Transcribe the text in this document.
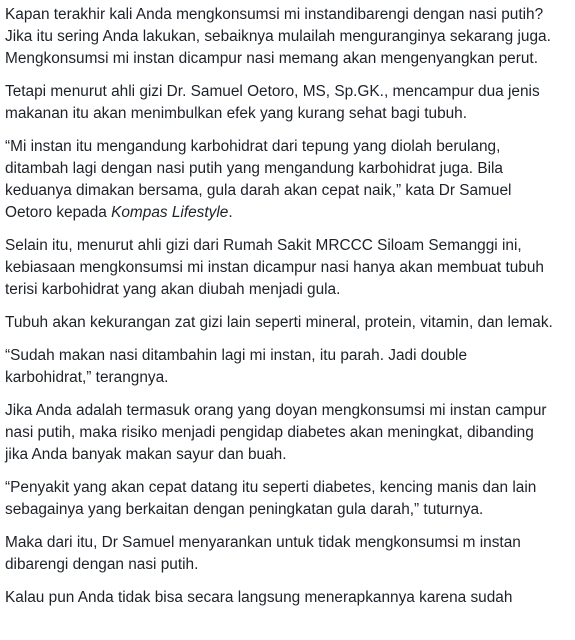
Kapan terakhir kali Anda mengkonsumsi mi instandibarengi dengan nasi putih?
Jika itu sering Anda lakukan, sebaiknya mulailah menguranginya sekarang juga.
Mengkonsumsi mi instan dicampur nasi memang akan mengenyangkan perut.

Tetapi menurut ahli gizi Dr. Samuel Oetoro, MS, Sp.GK., mencampur dua jenis
makanan itu akan menimbulkan efek yang kurang sehat bagi tubuh.

“Mi instan itu mengandung karbohidrat dari tepung yang diolah berulang,
ditambah lagi dengan nasi putih yang mengandung karbohidrat juga. Bila
keduanya dimakan bersama, gula darah akan cepat naik,” kata Dr Samuel
Oetoro kepada Kompas Lifestyle.

Selain itu, menurut ahli gizi dari Rumah Sakit MRCCC Siloam Semanggi ini,
kebiasaan mengkonsumsi mi instan dicampur nasi hanya akan membuat tubuh
terisi karbohidrat yang akan diubah menjadi gula.

Tubuh akan kekurangan zat gizi lain seperti mineral, protein, vitamin, dan lemak.

“Sudah makan nasi ditambahin lagi mi instan, itu parah. Jadi double
karbohidrat,” terangnya.

Jika Anda adalah termasuk orang yang doyan mengkonsumsi mi instan campur
nasi putih, maka risiko menjadi pengidap diabetes akan meningkat, dibanding
jika Anda banyak makan sayur dan buah.

“Penyakit yang akan cepat datang itu seperti diabetes, kencing manis dan lain
sebagainya yang berkaitan dengan peningkatan gula darah,” tuturnya.

Maka dari itu, Dr Samuel menyarankan untuk tidak mengkonsumsi m instan
dibarengi dengan nasi putih.

Kalau pun Anda tidak bisa secara langsung menerapkannya karena sudah
